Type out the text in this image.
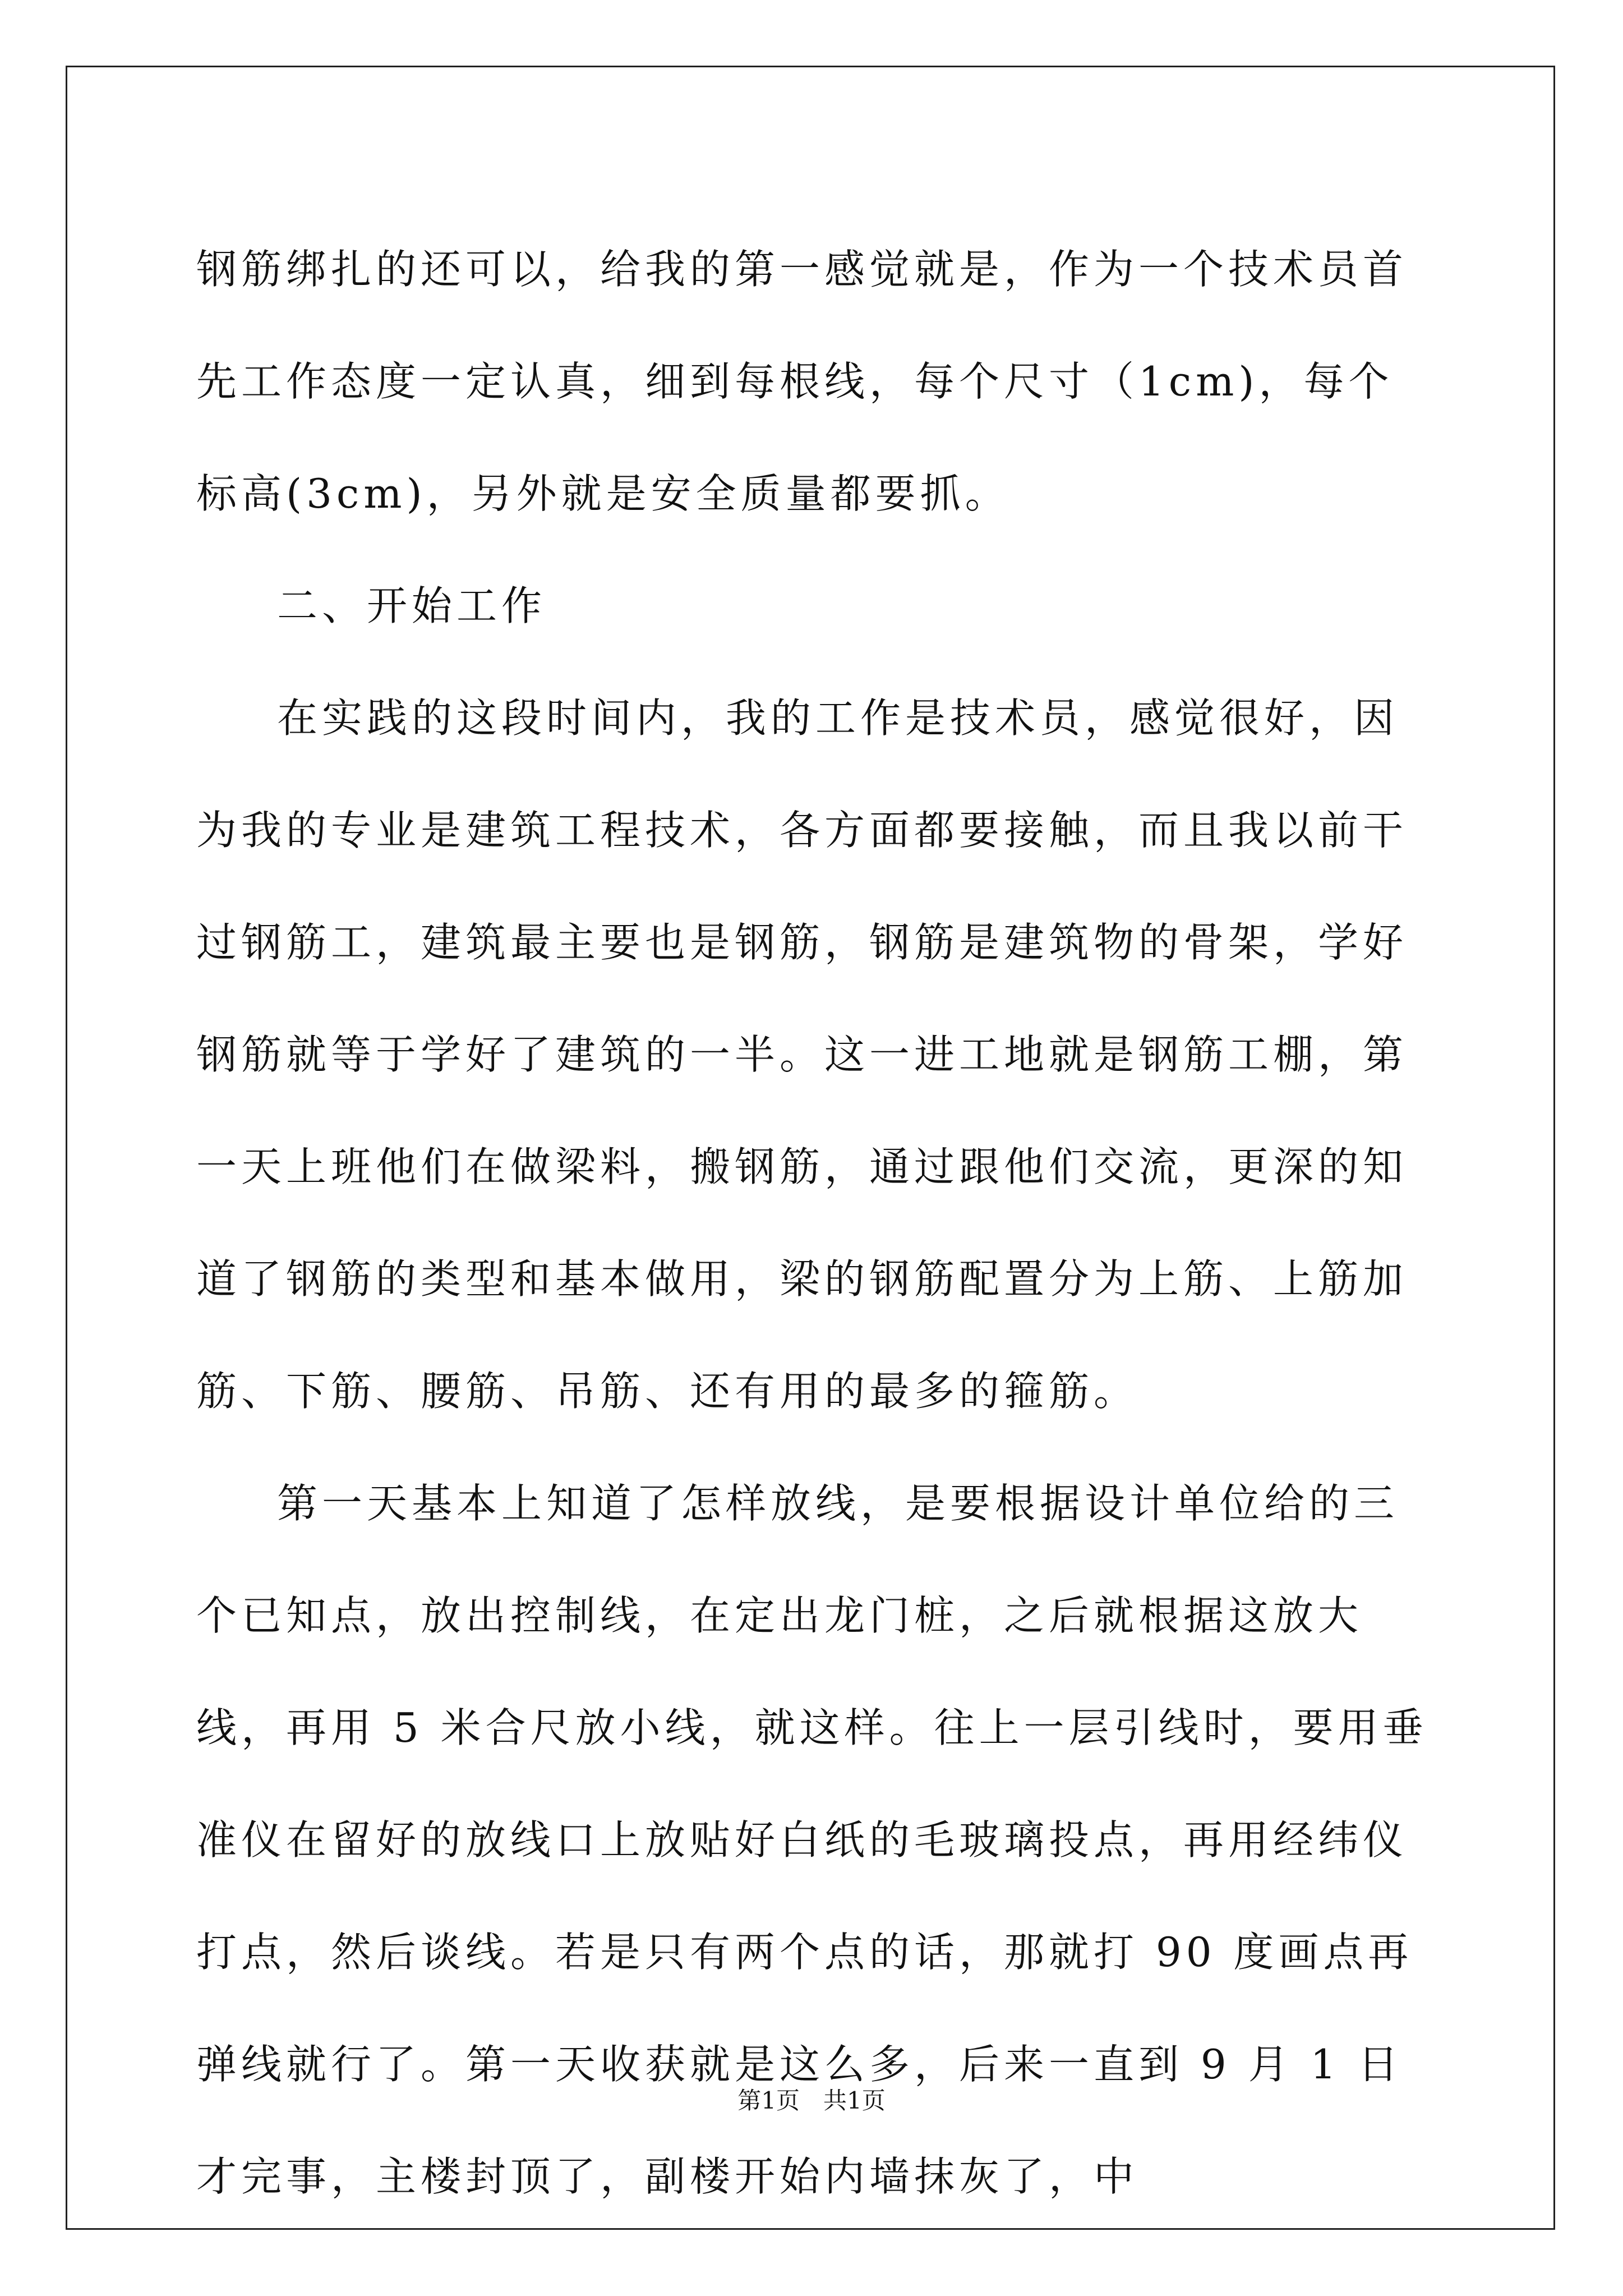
钢筋绑扎的还可以，给我的第一感觉就是，作为一个技术员首先工作态度一定认真，细到每根线，每个尺寸（1cm)，每个标高(3cm)，另外就是安全质量都要抓。

二、开始工作

在实践的这段时间内，我的工作是技术员，感觉很好，因为我的专业是建筑工程技术，各方面都要接触，而且我以前干过钢筋工，建筑最主要也是钢筋，钢筋是建筑物的骨架，学好钢筋就等于学好了建筑的一半。这一进工地就是钢筋工棚，第一天上班他们在做梁料，搬钢筋，通过跟他们交流，更深的知道了钢筋的类型和基本做用，梁的钢筋配置分为上筋、上筋加筋、下筋、腰筋、吊筋、还有用的最多的箍筋。

第一天基本上知道了怎样放线，是要根据设计单位给的三个已知点，放出控制线，在定出龙门桩，之后就根据这放大线，再用 5 米合尺放小线，就这样。往上一层引线时，要用垂准仪在留好的放线口上放贴好白纸的毛玻璃投点，再用经纬仪打点，然后谈线。若是只有两个点的话，那就打 90 度画点再弹线就行了。第一天收获就是这么多，后来一直到 9 月 1 日才完事，主楼封顶了，副楼开始内墙抹灰了，中

第1页　共1页
